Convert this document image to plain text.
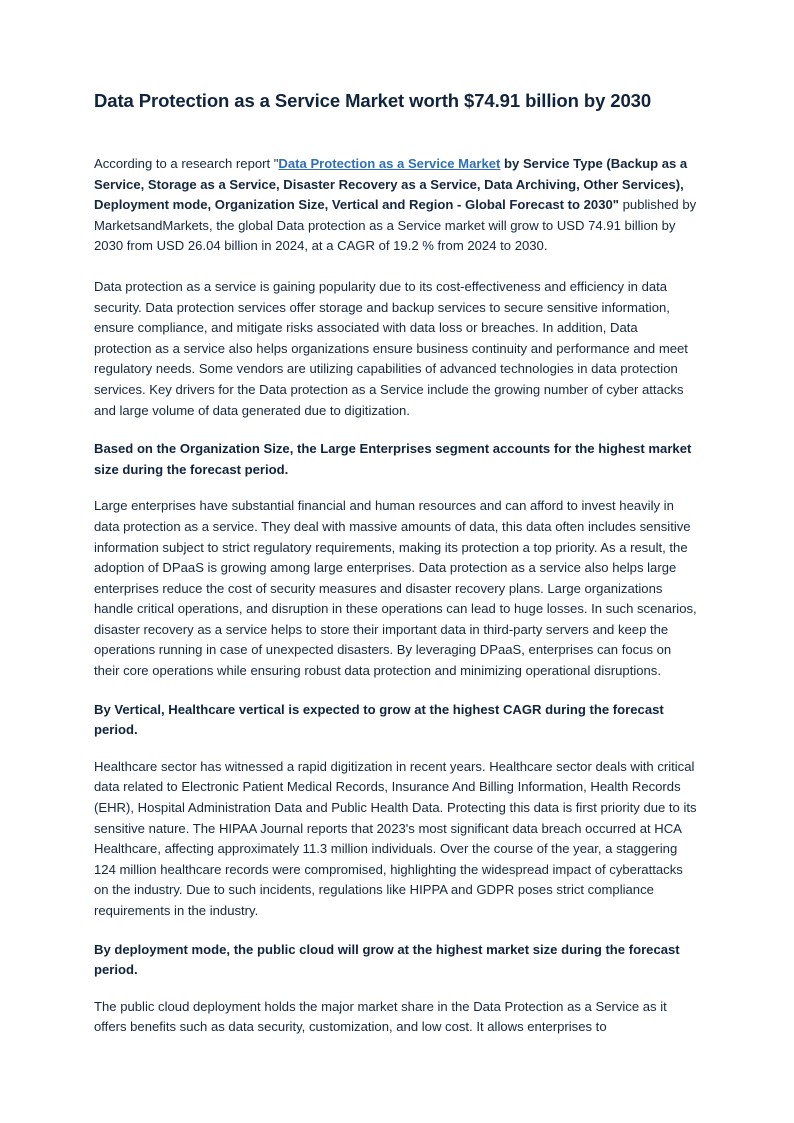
Data Protection as a Service Market worth $74.91 billion by 2030

According to a research report "Data Protection as a Service Market by Service Type (Backup as a Service, Storage as a Service, Disaster Recovery as a Service, Data Archiving, Other Services), Deployment mode, Organization Size, Vertical and Region - Global Forecast to 2030" published by MarketsandMarkets, the global Data protection as a Service market will grow to USD 74.91 billion by 2030 from USD 26.04 billion in 2024, at a CAGR of 19.2 % from 2024 to 2030.

Data protection as a service is gaining popularity due to its cost-effectiveness and efficiency in data security. Data protection services offer storage and backup services to secure sensitive information, ensure compliance, and mitigate risks associated with data loss or breaches. In addition, Data protection as a service also helps organizations ensure business continuity and performance and meet regulatory needs. Some vendors are utilizing capabilities of advanced technologies in data protection services. Key drivers for the Data protection as a Service include the growing number of cyber attacks and large volume of data generated due to digitization.

Based on the Organization Size, the Large Enterprises segment accounts for the highest market size during the forecast period.

Large enterprises have substantial financial and human resources and can afford to invest heavily in data protection as a service. They deal with massive amounts of data, this data often includes sensitive information subject to strict regulatory requirements, making its protection a top priority. As a result, the adoption of DPaaS is growing among large enterprises. Data protection as a service also helps large enterprises reduce the cost of security measures and disaster recovery plans. Large organizations handle critical operations, and disruption in these operations can lead to huge losses. In such scenarios, disaster recovery as a service helps to store their important data in third-party servers and keep the operations running in case of unexpected disasters. By leveraging DPaaS, enterprises can focus on their core operations while ensuring robust data protection and minimizing operational disruptions.

By Vertical, Healthcare vertical is expected to grow at the highest CAGR during the forecast period.

Healthcare sector has witnessed a rapid digitization in recent years. Healthcare sector deals with critical data related to Electronic Patient Medical Records, Insurance And Billing Information, Health Records (EHR), Hospital Administration Data and Public Health Data. Protecting this data is first priority due to its sensitive nature. The HIPAA Journal reports that 2023's most significant data breach occurred at HCA Healthcare, affecting approximately 11.3 million individuals. Over the course of the year, a staggering 124 million healthcare records were compromised, highlighting the widespread impact of cyberattacks on the industry. Due to such incidents, regulations like HIPPA and GDPR poses strict compliance requirements in the industry.

By deployment mode, the public cloud will grow at the highest market size during the forecast period.

The public cloud deployment holds the major market share in the Data Protection as a Service as it offers benefits such as data security, customization, and low cost. It allows enterprises to
